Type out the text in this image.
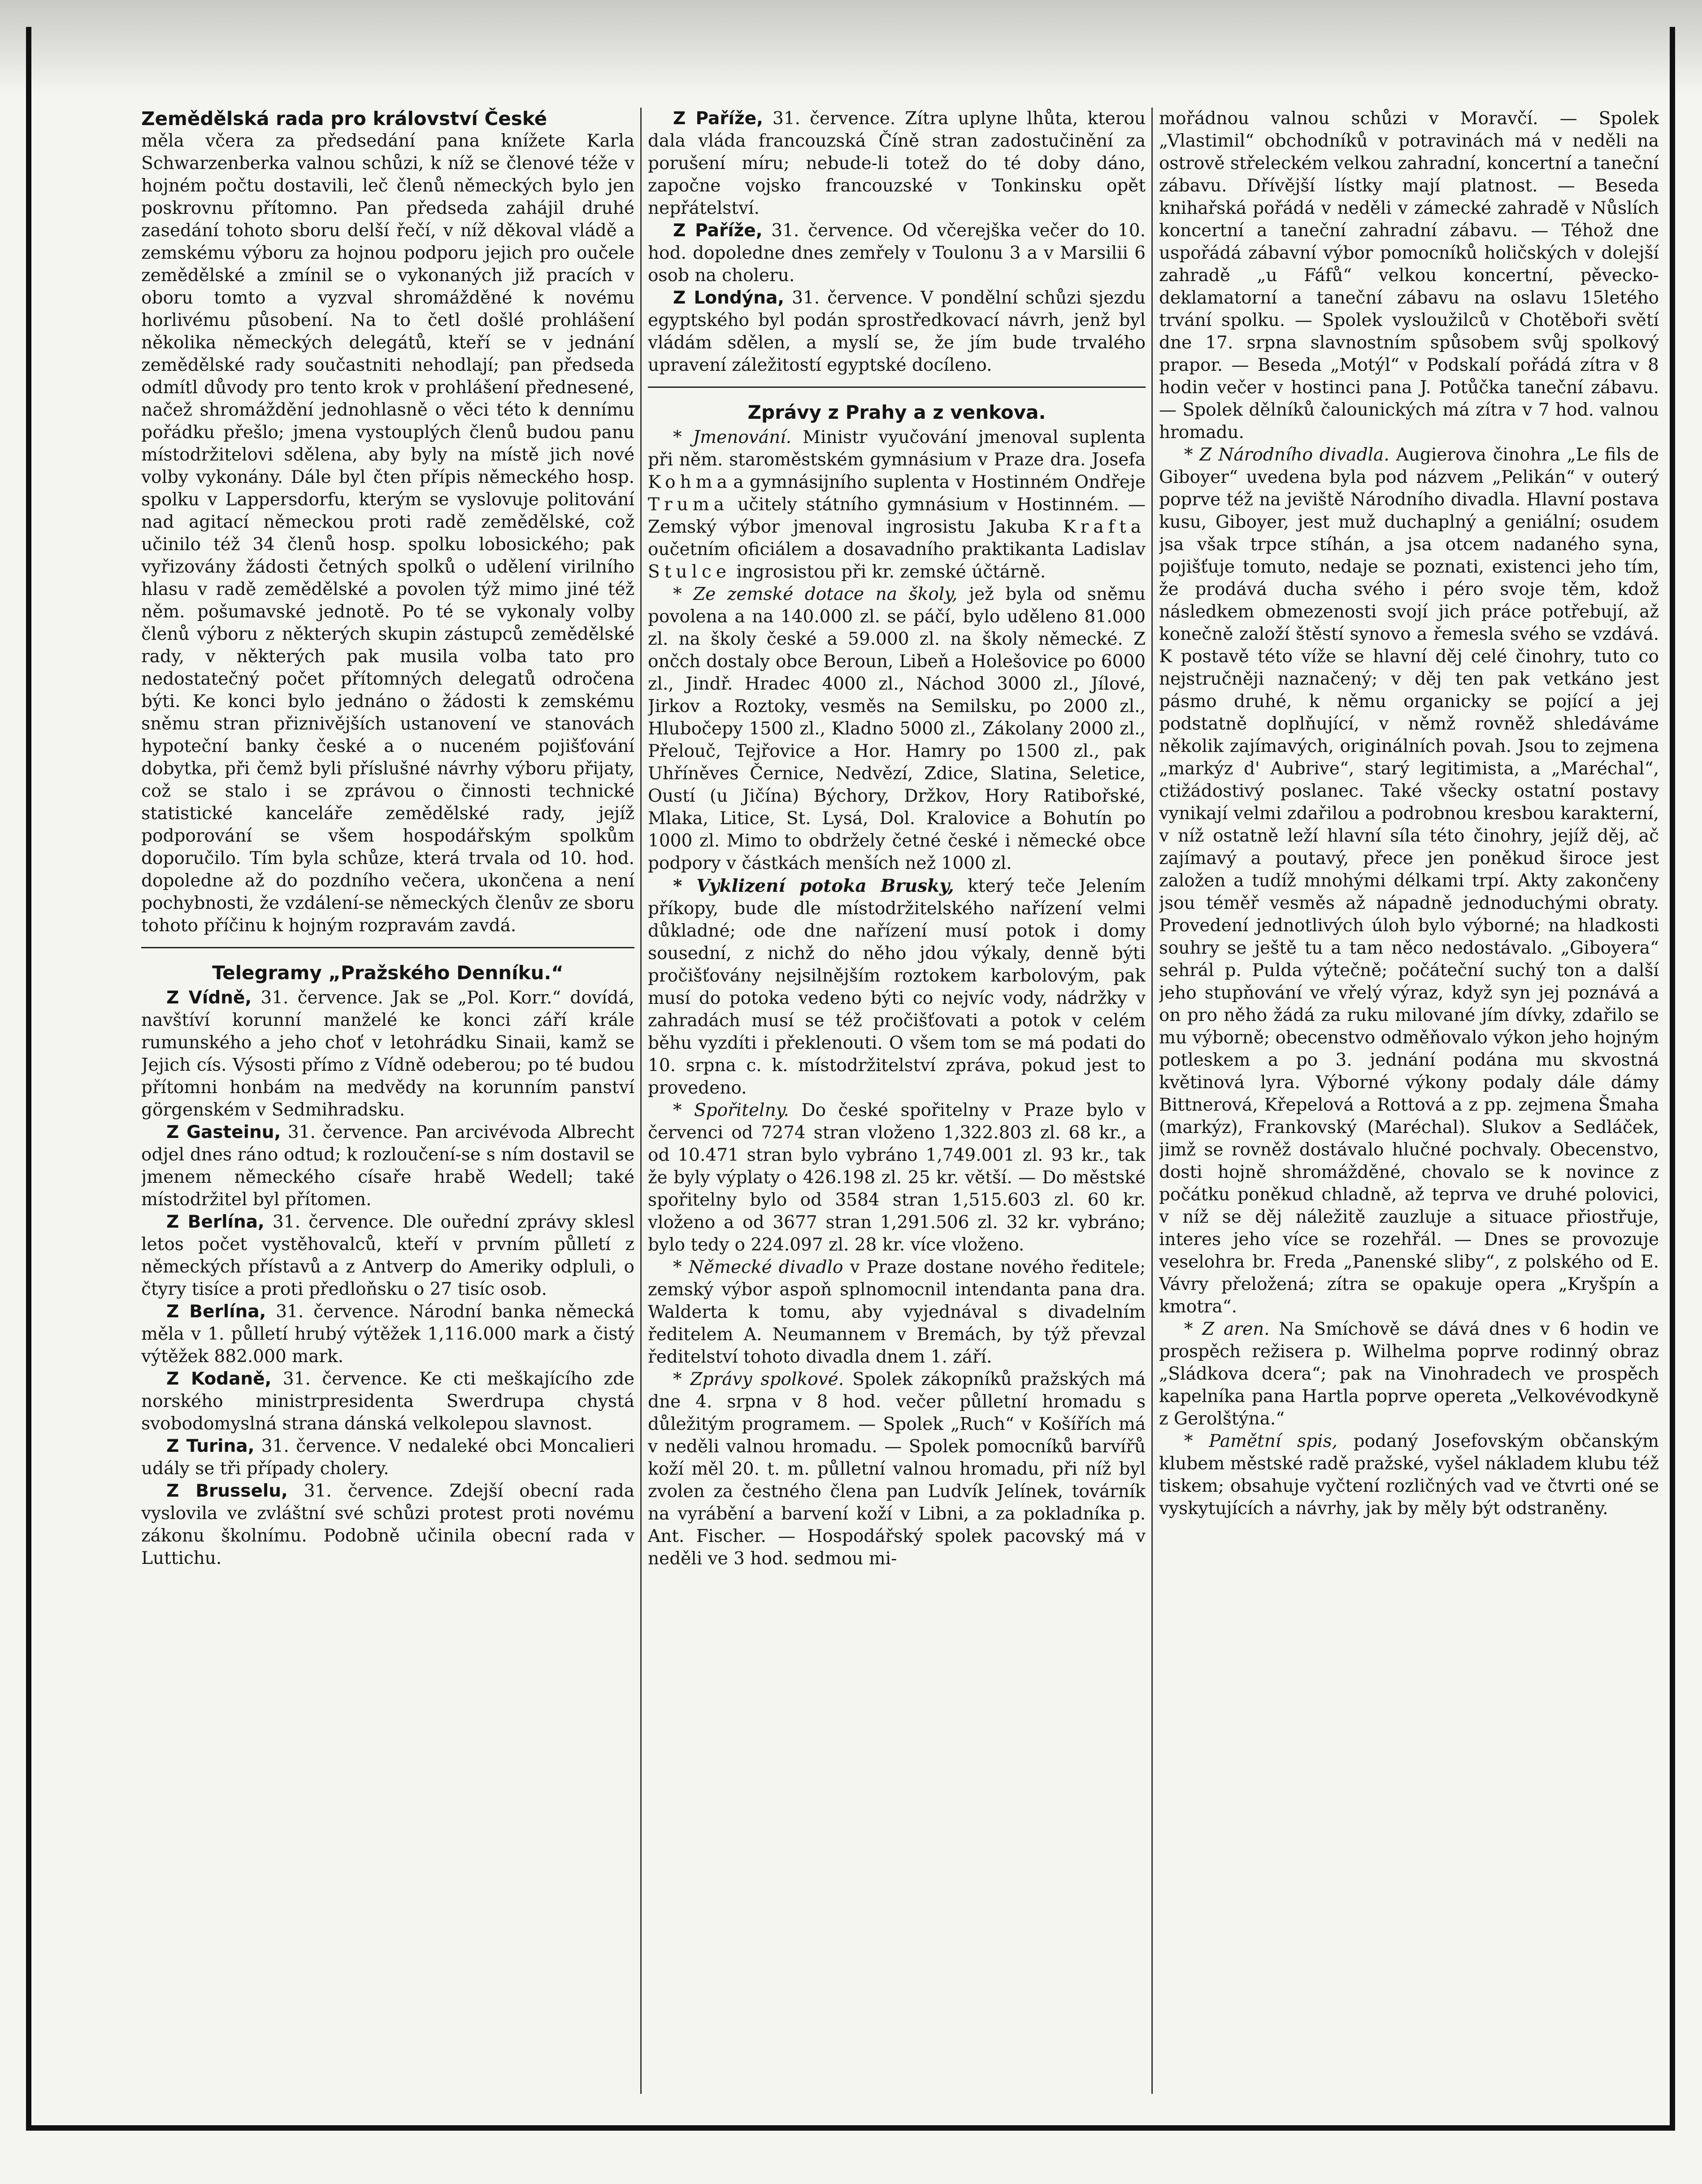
Zemědělská rada pro království České

měla včera za předsedání pana knížete Karla Schwarzenberka valnou schůzi, k níž se členové téže v hojném počtu dostavili, leč členů německých bylo jen poskrovnu přítomno. Pan předseda zahájil druhé zasedání tohoto sboru delší řečí, v níž děkoval vládě a zemskému výboru za hojnou podporu jejich pro oučele zemědělské a zmínil se o vykonaných již pracích v oboru tomto a vyzval shromážděné k novému horlivému působení. Na to četl došlé prohlášení několika německých delegátů, kteří se v jednání zemědělské rady součastniti nehodlají; pan předseda odmítl důvody pro tento krok v prohlášení přednesené, načež shromáždění jednohlasně o věci této k dennímu pořádku přešlo; jmena vystouplých členů budou panu místodržitelovi sdělena, aby byly na místě jich nové volby vykonány. Dále byl čten přípis německého hosp. spolku v Lappersdorfu, kterým se vyslovuje politování nad agitací německou proti radě zemědělské, což učinilo též 34 členů hosp. spolku lobosického; pak vyřizovány žádosti četných spolků o udělení virilního hlasu v radě zemědělské a povolen týž mimo jiné též něm. pošumavské jednotě. Po té se vykonaly volby členů výboru z některých skupin zástupců zemědělské rady, v některých pak musila volba tato pro nedostatečný počet přítomných delegatů odročena býti. Ke konci bylo jednáno o žádosti k zemskému sněmu stran přiznivějších ustanovení ve stanovách hypoteční banky české a o nuceném pojišťování dobytka, při čemž byli příslušné návrhy výboru přijaty, což se stalo i se zprávou o činnosti technické statistické kanceláře zemědělské rady, jejíž podporování se všem hospodářským spolkům doporučilo. Tím byla schůze, která trvala od 10. hod. dopoledne až do pozdního večera, ukončena a není pochybnosti, že vzdálení-se německých členův ze sboru tohoto příčinu k hojným rozpravám zavdá.

Telegramy „Pražského Denníku.“

Z Vídně, 31. července. Jak se „Pol. Korr.“ dovídá, navštíví korunní manželé ke konci září krále rumunského a jeho choť v letohrádku Sinaii, kamž se Jejich cís. Výsosti přímo z Vídně odeberou; po té budou přítomni honbám na medvědy na korunním panství görgenském v Sedmihradsku.

Z Gasteinu, 31. července. Pan arcivévoda Albrecht odjel dnes ráno odtud; k rozloučení-se s ním dostavil se jmenem německého císaře hrabě Wedell; také místodržitel byl přítomen.

Z Berlína, 31. července. Dle ouřední zprávy sklesl letos počet vystěhovalců, kteří v prvním půlletí z německých přístavů a z Antverp do Ameriky odpluli, o čtyry tisíce a proti předloňsku o 27 tisíc osob.

Z Berlína, 31. července. Národní banka německá měla v 1. půlletí hrubý výtěžek 1,116.000 mark a čistý výtěžek 882.000 mark.

Z Kodaně, 31. července. Ke cti meškajícího zde norského ministrpresidenta Swerdrupa chystá svobodomyslná strana dánská velkolepou slavnost.

Z Turina, 31. července. V nedaleké obci Moncalieri udály se tři případy cholery.

Z Brusselu, 31. července. Zdejší obecní rada vyslovila ve zvláštní své schůzi protest proti novému zákonu školnímu. Podobně učinila obecní rada v Luttichu.

Z Paříže, 31. července. Zítra uplyne lhůta, kterou dala vláda francouzská Číně stran zadostučinění za porušení míru; nebude-li totež do té doby dáno, započne vojsko francouzské v Tonkinsku opět nepřátelství.

Z Paříže, 31. července. Od včerejška večer do 10. hod. dopoledne dnes zemřely v Toulonu 3 a v Marsilii 6 osob na choleru.

Z Londýna, 31. července. V pondělní schůzi sjezdu egyptského byl podán sprostředkovací návrh, jenž byl vládám sdělen, a myslí se, že jím bude trvalého upravení záležitostí egyptské docíleno.

Zprávy z Prahy a z venkova.

* Jmenování. Ministr vyučování jmenoval suplenta při něm. staroměstském gymnásium v Praze dra. Josefa Kohma a gymnásijního suplenta v Hostinném Ondřeje Truma učitely státního gymnásium v Hostinném. — Zemský výbor jmenoval ingrosistu Jakuba Krafta oučetním oficiálem a dosavadního praktikanta Ladislav Stulce ingrosistou při kr. zemské účtárně.

* Ze zemské dotace na školy, jež byla od sněmu povolena a na 140.000 zl. se páčí, bylo uděleno 81.000 zl. na školy české a 59.000 zl. na školy německé. Z ončch dostaly obce Beroun, Libeň a Holešovice po 6000 zl., Jindř. Hradec 4000 zl., Náchod 3000 zl., Jílové, Jirkov a Roztoky, vesměs na Semilsku, po 2000 zl., Hlubočepy 1500 zl., Kladno 5000 zl., Zákolany 2000 zl., Přelouč, Tejřovice a Hor. Hamry po 1500 zl., pak Uhříněves Černice, Nedvězí, Zdice, Slatina, Seletice, Oustí (u Jičína) Býchory, Držkov, Hory Ratibořské, Mlaka, Litice, St. Lysá, Dol. Kralovice a Bohutín po 1000 zl. Mimo to obdržely četné české i německé obce podpory v částkách menších než 1000 zl.

* Vyklizení potoka Brusky, který teče Jelením příkopy, bude dle místodržitelského nařízení velmi důkladné; ode dne nařízení musí potok i domy sousední, z nichž do něho jdou výkaly, denně býti pročišťovány nejsilnějším roztokem karbolovým, pak musí do potoka vedeno býti co nejvíc vody, nádržky v zahradách musí se též pročišťovati a potok v celém běhu vyzdíti i překlenouti. O všem tom se má podati do 10. srpna c. k. místodržitelství zpráva, pokud jest to provedeno.

* Spořitelny. Do české spořitelny v Praze bylo v červenci od 7274 stran vloženo 1,322.803 zl. 68 kr., a od 10.471 stran bylo vybráno 1,749.001 zl. 93 kr., tak že byly výplaty o 426.198 zl. 25 kr. větší. — Do městské spořitelny bylo od 3584 stran 1,515.603 zl. 60 kr. vloženo a od 3677 stran 1,291.506 zl. 32 kr. vybráno; bylo tedy o 224.097 zl. 28 kr. více vloženo.

* Německé divadlo v Praze dostane nového ředitele; zemský výbor aspoň splnomocnil intendanta pana dra. Walderta k tomu, aby vyjednával s divadelním ředitelem A. Neumannem v Bremách, by týž převzal ředitelství tohoto divadla dnem 1. září.

* Zprávy spolkové. Spolek zákopníků pražských má dne 4. srpna v 8 hod. večer půlletní hromadu s důležitým programem. — Spolek „Ruch“ v Košířích má v neděli valnou hromadu. — Spolek pomocníků barvířů koží měl 20. t. m. půlletní valnou hromadu, při níž byl zvolen za čestného člena pan Ludvík Jelínek, továrník na vyrábění a barvení koží v Libni, a za pokladníka p. Ant. Fischer. — Hospodářský spolek pacovský má v neděli ve 3 hod. sedmou mi-

mořádnou valnou schůzi v Moravčí. — Spolek „Vlastimil“ obchodníků v potravinách má v neděli na ostrově střeleckém velkou zahradní, koncertní a taneční zábavu. Dřívější lístky mají platnost. — Beseda knihařská pořádá v neděli v zámecké zahradě v Nůslích koncertní a taneční zahradní zábavu. — Téhož dne uspořádá zábavní výbor pomocníků holičských v dolejší zahradě „u Fáfů“ velkou koncertní, pěvecko-deklamatorní a taneční zábavu na oslavu 15letého trvání spolku. — Spolek vysloužilců v Chotěboři světí dne 17. srpna slavnostním spůsobem svůj spolkový prapor. — Beseda „Motýl“ v Podskalí pořádá zítra v 8 hodin večer v hostinci pana J. Potůčka taneční zábavu. — Spolek dělníků čalounických má zítra v 7 hod. valnou hromadu.

* Z Národního divadla. Augierova činohra „Le fils de Giboyer“ uvedena byla pod názvem „Pelikán“ v outerý poprve též na jeviště Národního divadla. Hlavní postava kusu, Giboyer, jest muž duchaplný a geniální; osudem jsa však trpce stíhán, a jsa otcem nadaného syna, pojišťuje tomuto, nedaje se poznati, existenci jeho tím, že prodává ducha svého i péro svoje těm, kdož následkem obmezenosti svojí jich práce potřebují, až konečně založí štěstí synovo a řemesla svého se vzdává. K postavě této víže se hlavní děj celé činohry, tuto co nejstručněji naznačený; v děj ten pak vetkáno jest pásmo druhé, k němu organicky se pojící a jej podstatně doplňující, v němž rovněž shledáváme několik zajímavých, originálních povah. Jsou to zejmena „markýz d' Aubrive“, starý legitimista, a „Maréchal“, ctižádostivý poslanec. Také všecky ostatní postavy vynikají velmi zdařilou a podrobnou kresbou karakterní, v níž ostatně leží hlavní síla této činohry, jejíž děj, ač zajímavý a poutavý, přece jen poněkud široce jest založen a tudíž mnohými délkami trpí. Akty zakončeny jsou téměř vesměs až nápadně jednoduchými obraty. Provedení jednotlivých úloh bylo výborné; na hladkosti souhry se ještě tu a tam něco nedostávalo. „Giboyera“ sehrál p. Pulda výtečně; počáteční suchý ton a další jeho stupňování ve vřelý výraz, když syn jej poznává a on pro něho žádá za ruku milované jím dívky, zdařilo se mu výborně; obecenstvo odměňovalo výkon jeho hojným potleskem a po 3. jednání podána mu skvostná květinová lyra. Výborné výkony podaly dále dámy Bittnerová, Křepelová a Rottová a z pp. zejmena Šmaha (markýz), Frankovský (Maréchal). Slukov a Sedláček, jimž se rovněž dostávalo hlučné pochvaly. Obecenstvo, dosti hojně shromážděné, chovalo se k novince z počátku poněkud chladně, až teprva ve druhé polovici, v níž se děj náležitě zauzluje a situace přiostřuje, interes jeho více se rozehřál. — Dnes se provozuje veselohra br. Freda „Panenské sliby“, z polského od E. Vávry přeložená; zítra se opakuje opera „Kryšpín a kmotra“.

* Z aren. Na Smíchově se dává dnes v 6 hodin ve prospěch režisera p. Wilhelma poprve rodinný obraz „Sládkova dcera“; pak na Vinohradech ve prospěch kapelníka pana Hartla poprve opereta „Velkovévodkyně z Gerolštýna.“

* Pamětní spis, podaný Josefovským občanským klubem městské radě pražské, vyšel nákladem klubu též tiskem; obsahuje vyčtení rozličných vad ve čtvrti oné se vyskytujících a návrhy, jak by měly být odstraněny.
